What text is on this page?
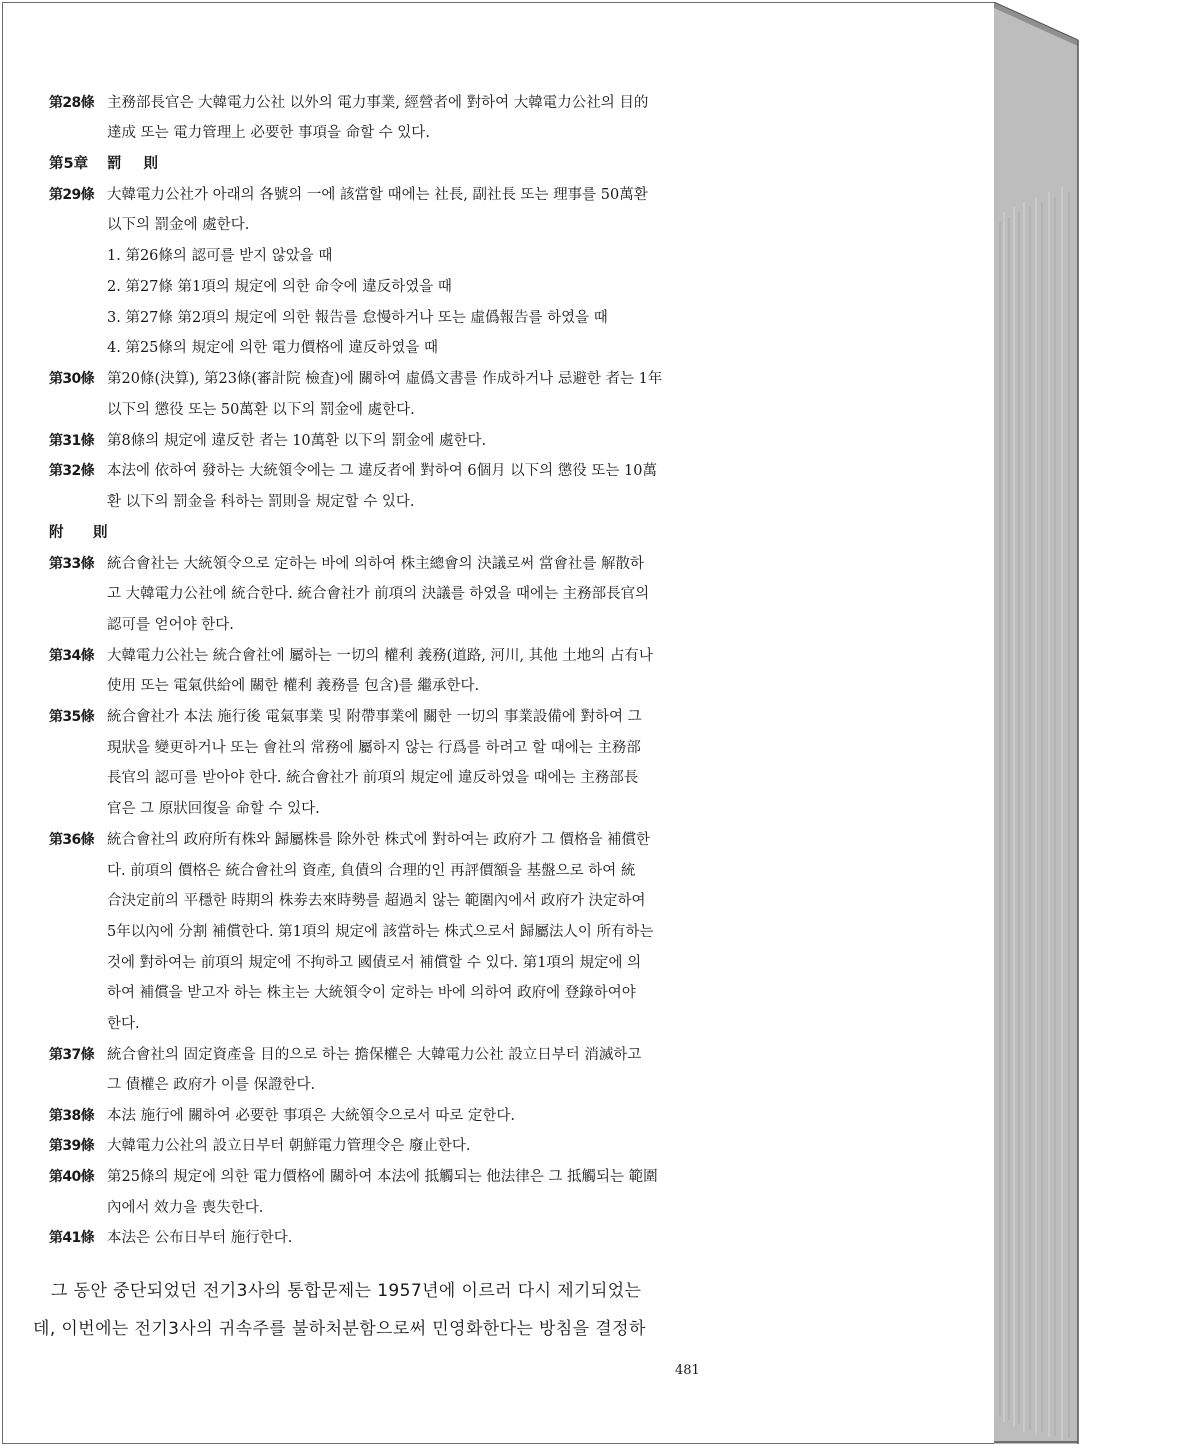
第28條 主務部長官은 大韓電力公社 以外의 電力事業, 經營者에 對하여 大韓電力公社의 目的
達成 또는 電力管理上 必要한 事項을 命할 수 있다.
第5章 罰則
第29條 大韓電力公社가 아래의 各號의 一에 該當할 때에는 社長, 副社長 또는 理事를 50萬환
以下의 罰金에 處한다.
1. 第26條의 認可를 받지 않았을 때
2. 第27條 第1項의 規定에 의한 命令에 違反하였을 때
3. 第27條 第2項의 規定에 의한 報告를 怠慢하거나 또는 虛僞報告를 하였을 때
4. 第25條의 規定에 의한 電力價格에 違反하였을 때
第30條 第20條(決算), 第23條(審計院 檢査)에 關하여 虛僞文書를 作成하거나 忌避한 者는 1年
以下의 懲役 또는 50萬환 以下의 罰金에 處한다.
第31條 第8條의 規定에 違反한 者는 10萬환 以下의 罰金에 處한다.
第32條 本法에 依하여 發하는 大統領令에는 그 違反者에 對하여 6個月 以下의 懲役 또는 10萬
환 以下의 罰金을 科하는 罰則을 規定할 수 있다.
附 則
第33條 統合會社는 大統領令으로 定하는 바에 의하여 株主總會의 決議로써 當會社를 解散하
고 大韓電力公社에 統合한다. 統合會社가 前項의 決議를 하였을 때에는 主務部長官의
認可를 얻어야 한다.
第34條 大韓電力公社는 統合會社에 屬하는 一切의 權利 義務(道路, 河川, 其他 土地의 占有나
使用 또는 電氣供給에 關한 權利 義務를 包含)를 繼承한다.
第35條 統合會社가 本法 施行後 電氣事業 및 附帶事業에 關한 一切의 事業設備에 對하여 그
現狀을 變更하거나 또는 會社의 常務에 屬하지 않는 行爲를 하려고 할 때에는 主務部
長官의 認可를 받아야 한다. 統合會社가 前項의 規定에 違反하였을 때에는 主務部長
官은 그 原狀回復을 命할 수 있다.
第36條 統合會社의 政府所有株와 歸屬株를 除外한 株式에 對하여는 政府가 그 價格을 補償한
다. 前項의 價格은 統合會社의 資產, 負債의 合理的인 再評價額을 基盤으로 하여 統
合決定前의 平穩한 時期의 株劵去來時勢를 超過치 않는 範圍內에서 政府가 決定하여
5年以內에 分割 補償한다. 第1項의 規定에 該當하는 株式으로서 歸屬法人이 所有하는
것에 對하여는 前項의 規定에 不拘하고 國債로서 補償할 수 있다. 第1項의 規定에 의
하여 補償을 받고자 하는 株主는 大統領令이 定하는 바에 의하여 政府에 登錄하여야
한다.
第37條 統合會社의 固定資產을 目的으로 하는 擔保權은 大韓電力公社 設立日부터 消滅하고
그 債權은 政府가 이를 保證한다.
第38條 本法 施行에 關하여 必要한 事項은 大統領令으로서 따로 定한다.
第39條 大韓電力公社의 設立日부터 朝鮮電力管理令은 廢止한다.
第40條 第25條의 規定에 의한 電力價格에 關하여 本法에 抵觸되는 他法律은 그 抵觸되는 範圍
內에서 效力을 喪失한다.
第41條 本法은 公布日부터 施行한다.
그 동안 중단되었던 전기3사의 통합문제는 1957년에 이르러 다시 제기되었는
데, 이번에는 전기3사의 귀속주를 불하처분함으로써 민영화한다는 방침을 결정하
481
